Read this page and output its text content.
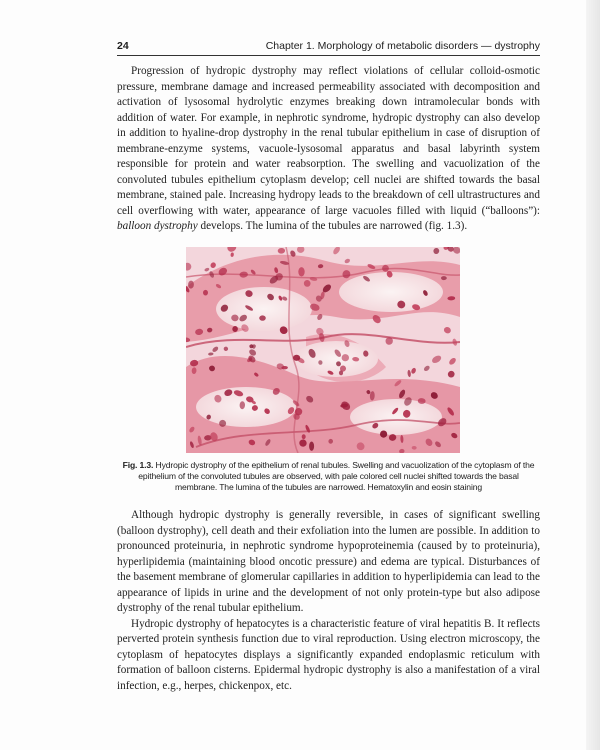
24	Chapter 1. Morphology of metabolic disorders — dystrophy

Progression of hydropic dystrophy may reflect violations of cellular colloid-osmotic pressure, membrane damage and increased permeability associated with decomposition and activation of lysosomal hydrolytic enzymes breaking down intramolecular bonds with addition of water. For example, in nephrotic syndrome, hydropic dystrophy can also develop in addition to hyaline-drop dystrophy in the renal tubular epithelium in case of disruption of membrane-enzyme systems, vacuole-lysosomal apparatus and basal labyrinth system responsible for protein and water reabsorption. The swelling and vacuolization of the convoluted tubules epithelium cytoplasm develop; cell nuclei are shifted towards the basal membrane, stained pale. Increasing hydropy leads to the breakdown of cell ultrastructures and cell overflowing with water, appearance of large vacuoles filled with liquid (“balloons”): balloon dystrophy develops. The lumina of the tubules are narrowed (fig. 1.3).

Fig. 1.3. Hydropic dystrophy of the epithelium of renal tubules. Swelling and vacuolization of the cytoplasm of the epithelium of the convoluted tubules are observed, with pale colored cell nuclei shifted towards the basal membrane. The lumina of the tubules are narrowed. Hematoxylin and eosin staining

Although hydropic dystrophy is generally reversible, in cases of significant swelling (balloon dystrophy), cell death and their exfoliation into the lumen are possible. In addition to pronounced proteinuria, in nephrotic syndrome hypoproteinemia (caused by to proteinuria), hyperlipidemia (maintaining blood oncotic pressure) and edema are typical. Disturbances of the basement membrane of glomerular capillaries in addition to hyperlipidemia can lead to the appearance of lipids in urine and the development of not only protein-type but also adipose dystrophy of the renal tubular epithelium.

Hydropic dystrophy of hepatocytes is a characteristic feature of viral hepatitis B. It reflects perverted protein synthesis function due to viral reproduction. Using electron microscopy, the cytoplasm of hepatocytes displays a significantly expanded endoplasmic reticulum with formation of balloon cisterns. Epidermal hydropic dystrophy is also a manifestation of a viral infection, e.g., herpes, chickenpox, etc.
